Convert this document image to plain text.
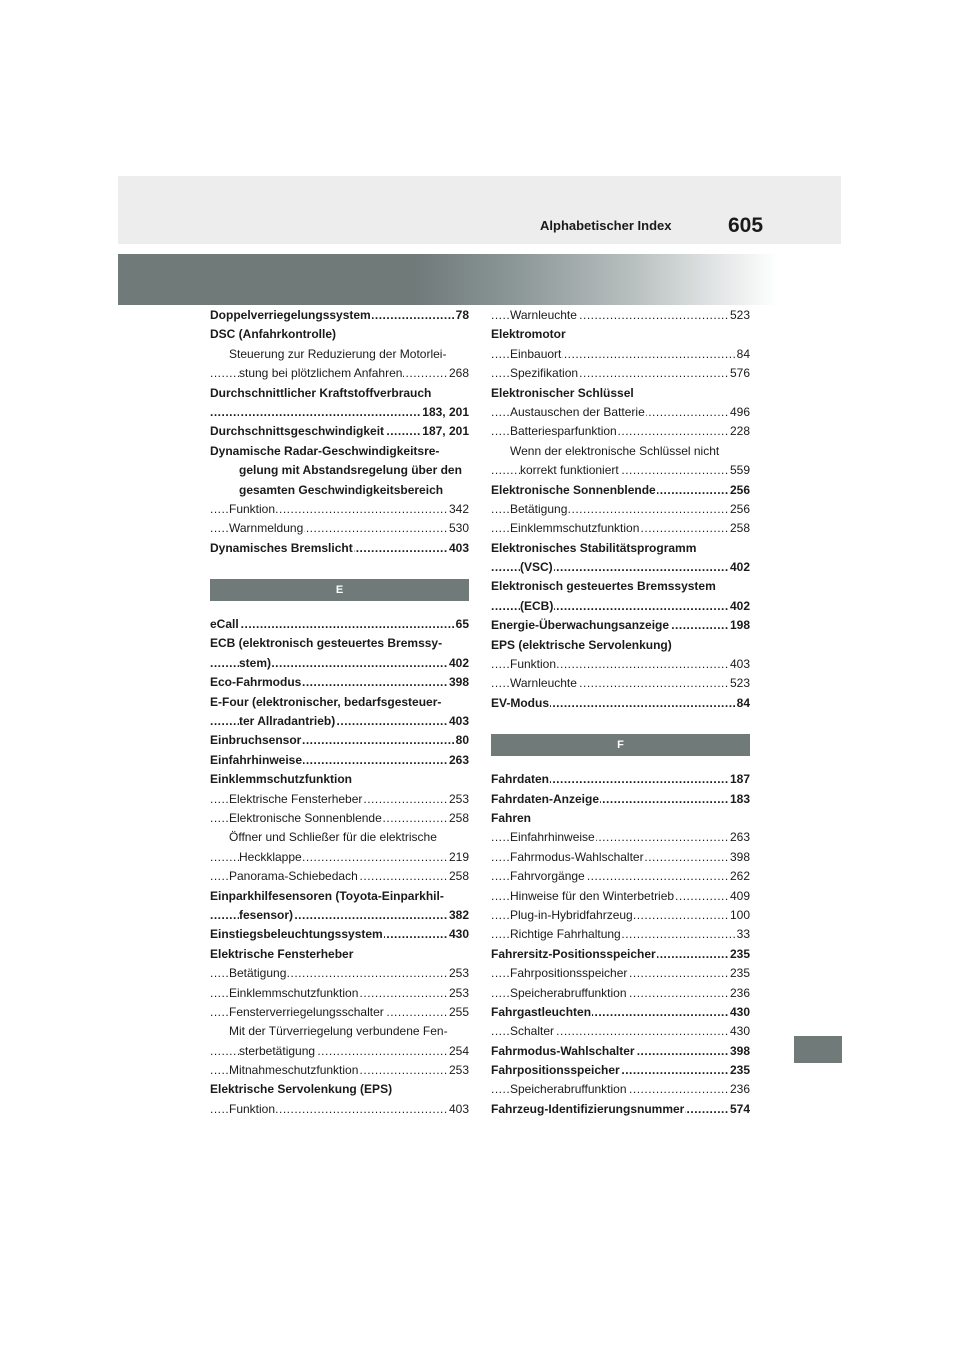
Alphabetischer Index	605
Doppelverriegelungssystem	78
.....
DSC (Anfahrkontrolle)
Steuerung zur Reduzierung der Motorlei-
stung bei plötzlichem Anfahren	268
.....
Durchschnittlicher Kraftstoffverbrauch
183, 201
.....
Durchschnittsgeschwindigkeit	187, 201
.....
Dynamische Radar-Geschwindigkeitsre-
gelung mit Abstandsregelung über den
gesamten Geschwindigkeitsbereich
Funktion	342
.....
Warnmeldung	530
.....
Dynamisches Bremslicht	403
.....
E
eCall	65
.....
ECB (elektronisch gesteuertes Bremssy-
stem)	402
.....
Eco-Fahrmodus	398
.....
E-Four (elektronischer, bedarfsgesteuer-
ter Allradantrieb)	403
.....
Einbruchsensor	80
.....
Einfahrhinweise	263
.....
Einklemmschutzfunktion
Elektrische Fensterheber	253
.....
Elektronische Sonnenblende	258
.....
Öffner und Schließer für die elektrische
Heckklappe	219
.....
Panorama-Schiebedach	258
.....
Einparkhilfesensoren (Toyota-Einparkhil-
fesensor)	382
.....
Einstiegsbeleuchtungssystem	430
.....
Elektrische Fensterheber
Betätigung	253
.....
Einklemmschutzfunktion	253
.....
Fensterverriegelungsschalter	255
.....
Mit der Türverriegelung verbundene Fen-
sterbetätigung	254
.....
Mitnahmeschutzfunktion	253
.....
Elektrische Servolenkung (EPS)
Funktion	403
.....
Warnleuchte	523
.....
Elektromotor
Einbauort	84
.....
Spezifikation	576
.....
Elektronischer Schlüssel
Austauschen der Batterie	496
.....
Batteriesparfunktion	228
.....
Wenn der elektronische Schlüssel nicht
korrekt funktioniert	559
.....
Elektronische Sonnenblende	256
.....
Betätigung	256
.....
Einklemmschutzfunktion	258
.....
Elektronisches Stabilitätsprogramm
(VSC)	402
.....
Elektronisch gesteuertes Bremssystem
(ECB)	402
.....
Energie-Überwachungsanzeige	198
.....
EPS (elektrische Servolenkung)
Funktion	403
.....
Warnleuchte	523
.....
EV-Modus	84
.....
F
Fahrdaten	187
.....
Fahrdaten-Anzeige	183
.....
Fahren
Einfahrhinweise	263
.....
Fahrmodus-Wahlschalter	398
.....
Fahrvorgänge	262
.....
Hinweise für den Winterbetrieb	409
.....
Plug-in-Hybridfahrzeug	100
.....
Richtige Fahrhaltung	33
.....
Fahrersitz-Positionsspeicher	235
.....
Fahrpositionsspeicher	235
.....
Speicherabruffunktion	236
.....
Fahrgastleuchten	430
.....
Schalter	430
.....
Fahrmodus-Wahlschalter	398
.....
Fahrpositionsspeicher	235
.....
Speicherabruffunktion	236
.....
Fahrzeug-Identifizierungsnummer	574
.....
